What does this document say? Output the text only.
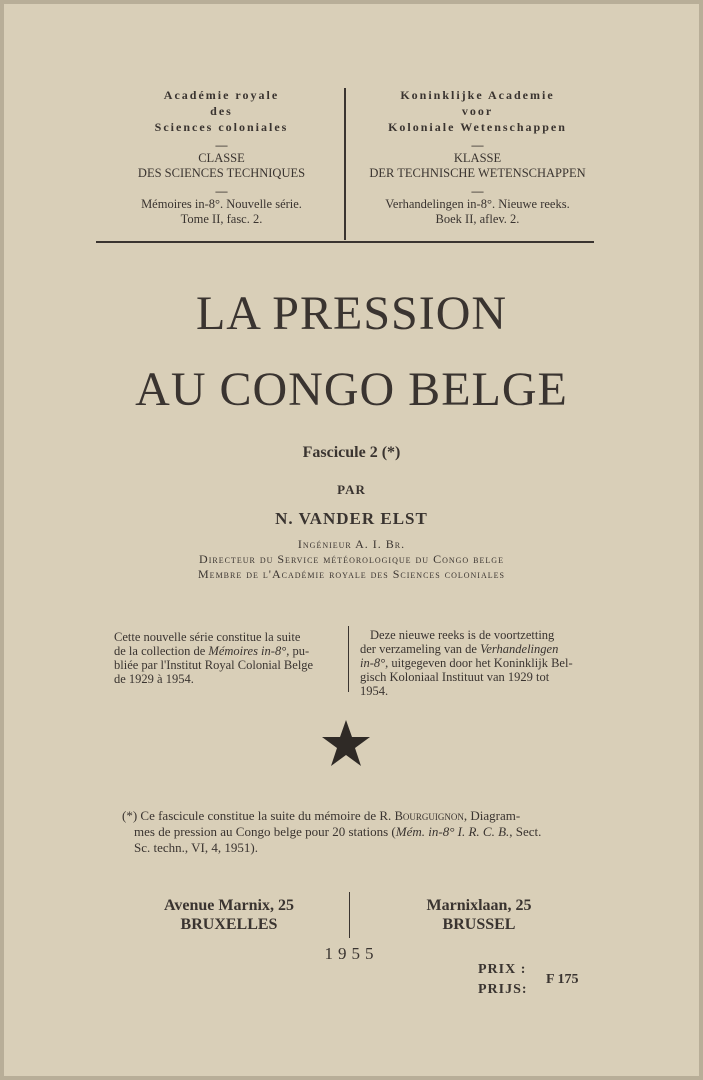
Académie royale
des
Sciences coloniales
—
CLASSE
DES SCIENCES TECHNIQUES
—
Mémoires in-8°. Nouvelle série.
Tome II, fasc. 2.
Koninklijke Academie
voor
Koloniale Wetenschappen
—
KLASSE
DER TECHNISCHE WETENSCHAPPEN
—
Verhandelingen in-8°. Nieuwe reeks.
Boek II, aflev. 2.
LA PRESSION
AU CONGO BELGE
Fascicule 2 (*)
PAR
N. VANDER ELST
Ingénieur A. I. Br.
Directeur du Service météorologique du Congo belge
Membre de l'Académie royale des Sciences coloniales
Cette nouvelle série constitue la suite
de la collection de Mémoires in-8°, pu-
bliée par l'Institut Royal Colonial Belge
de 1929 à 1954.
Deze nieuwe reeks is de voortzetting
der verzameling van de Verhandelingen
in-8°, uitgegeven door het Koninklijk Bel-
gisch Koloniaal Instituut van 1929 tot
1954.
(*) Ce fascicule constitue la suite du mémoire de R. Bourguignon, Diagram-
mes de pression au Congo belge pour 20 stations (Mém. in-8° I. R. C. B., Sect.
Sc. techn., VI, 4, 1951).
Avenue Marnix, 25
BRUXELLES
Marnixlaan, 25
BRUSSEL
1955
PRIX :
PRIJS:
F 175
